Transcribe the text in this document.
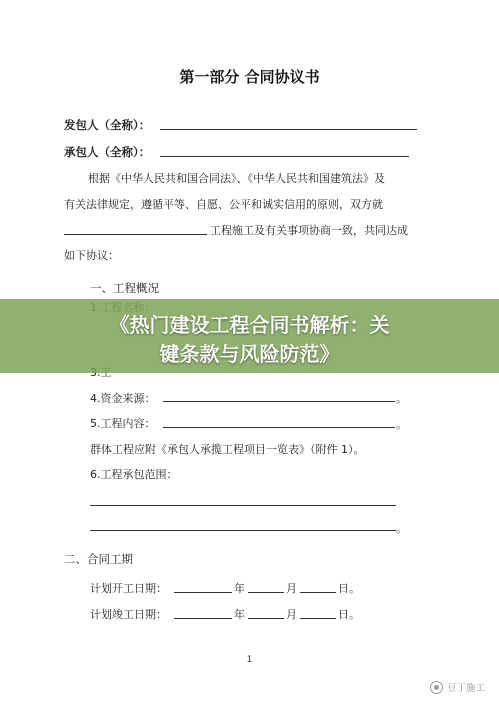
第一部分 合同协议书
发包人（全称）：
承包人（全称）：
根据《中华人民共和国合同法》、《中华人民共和国建筑法》及
有关法律规定，遵循平等、自愿、公平和诚实信用的原则，双方就
工程施工及有关事项协商一致，共同达成
如下协议：
一、工程概况
4.资金来源：	。
5.工程内容：	。
群体工程应附《承包人承揽工程项目一览表》（附件 1）。
6.工程承包范围：
。
二、合同工期
计划开工日期：	年	月	日。
计划竣工日期：	年	月	日。
1
《热门建设工程合同书解析：关
键条款与风险防范》
豆丁施工
